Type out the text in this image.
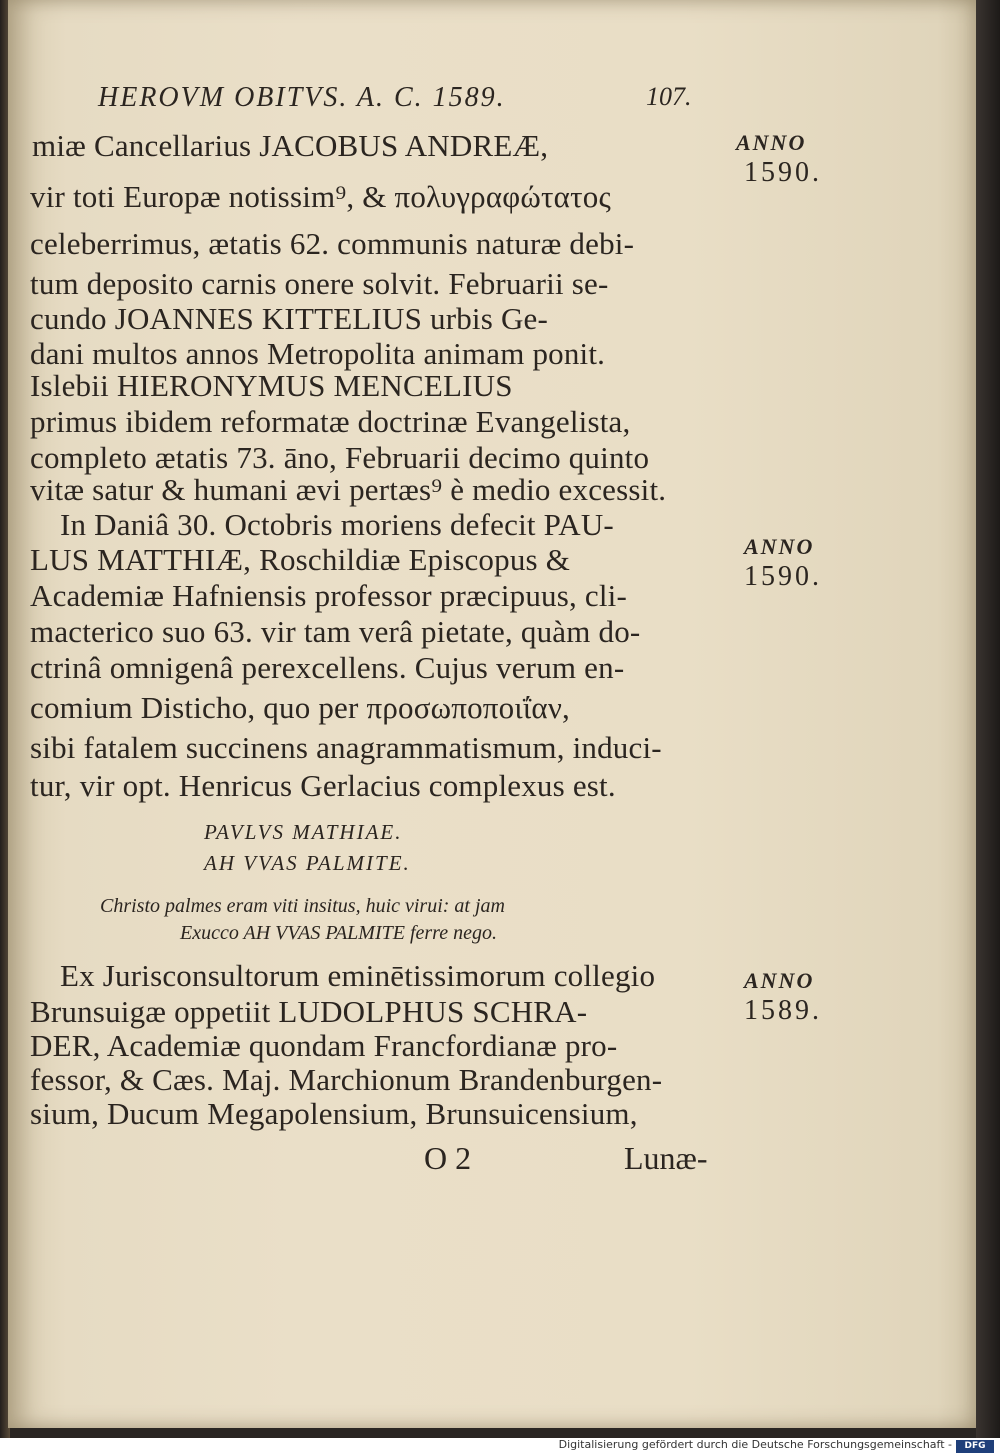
HEROVM OBITVS. A. C. 1589.	107.
miæ Cancellarius JACOBUS ANDREÆ,
vir toti Europæ notissim⁹, & πολυγραφώτατος
celeberrimus, ætatis 62. communis naturæ debi-
tum deposito carnis onere solvit. Februarii se-
cundo JOANNES KITTELIUS urbis Ge-
dani multos annos Metropolita animam ponit.
Islebii HIERONYMUS MENCELIUS
primus ibidem reformatæ doctrinæ Evangelista,
completo ætatis 73. āno, Februarii decimo quinto
vitæ satur & humani ævi pertæs⁹ è medio excessit.
In Daniâ 30. Octobris moriens defecit PAU-
LUS MATTHIÆ, Roschildiæ Episcopus &
Academiæ Hafniensis professor præcipuus, cli-
macterico suo 63. vir tam verâ pietate, quàm do-
ctrinâ omnigenâ perexcellens. Cujus verum en-
comium Disticho, quo per προσωποποιΐαν,
sibi fatalem succinens anagrammatismum, induci-
tur, vir opt. Henricus Gerlacius complexus est.
PAVLVS MATHIAE.
AH VVAS PALMITE.
Christo palmes eram viti insitus, huic virui: at jam
Exucco AH VVAS PALMITE ferre nego.
Ex Jurisconsultorum eminētissimorum collegio
Brunsuigæ oppetiit LUDOLPHUS SCHRA-
DER, Academiæ quondam Francfordianæ pro-
fessor, & Cæs. Maj. Marchionum Brandenburgen-
sium, Ducum Megapolensium, Brunsuicensium,
O 2	Lunæ-
ANNO
1590.
ANNO
1590.
ANNO
1589.
Digitalisierung gefördert durch die Deutsche Forschungsgemeinschaft -	DFG
